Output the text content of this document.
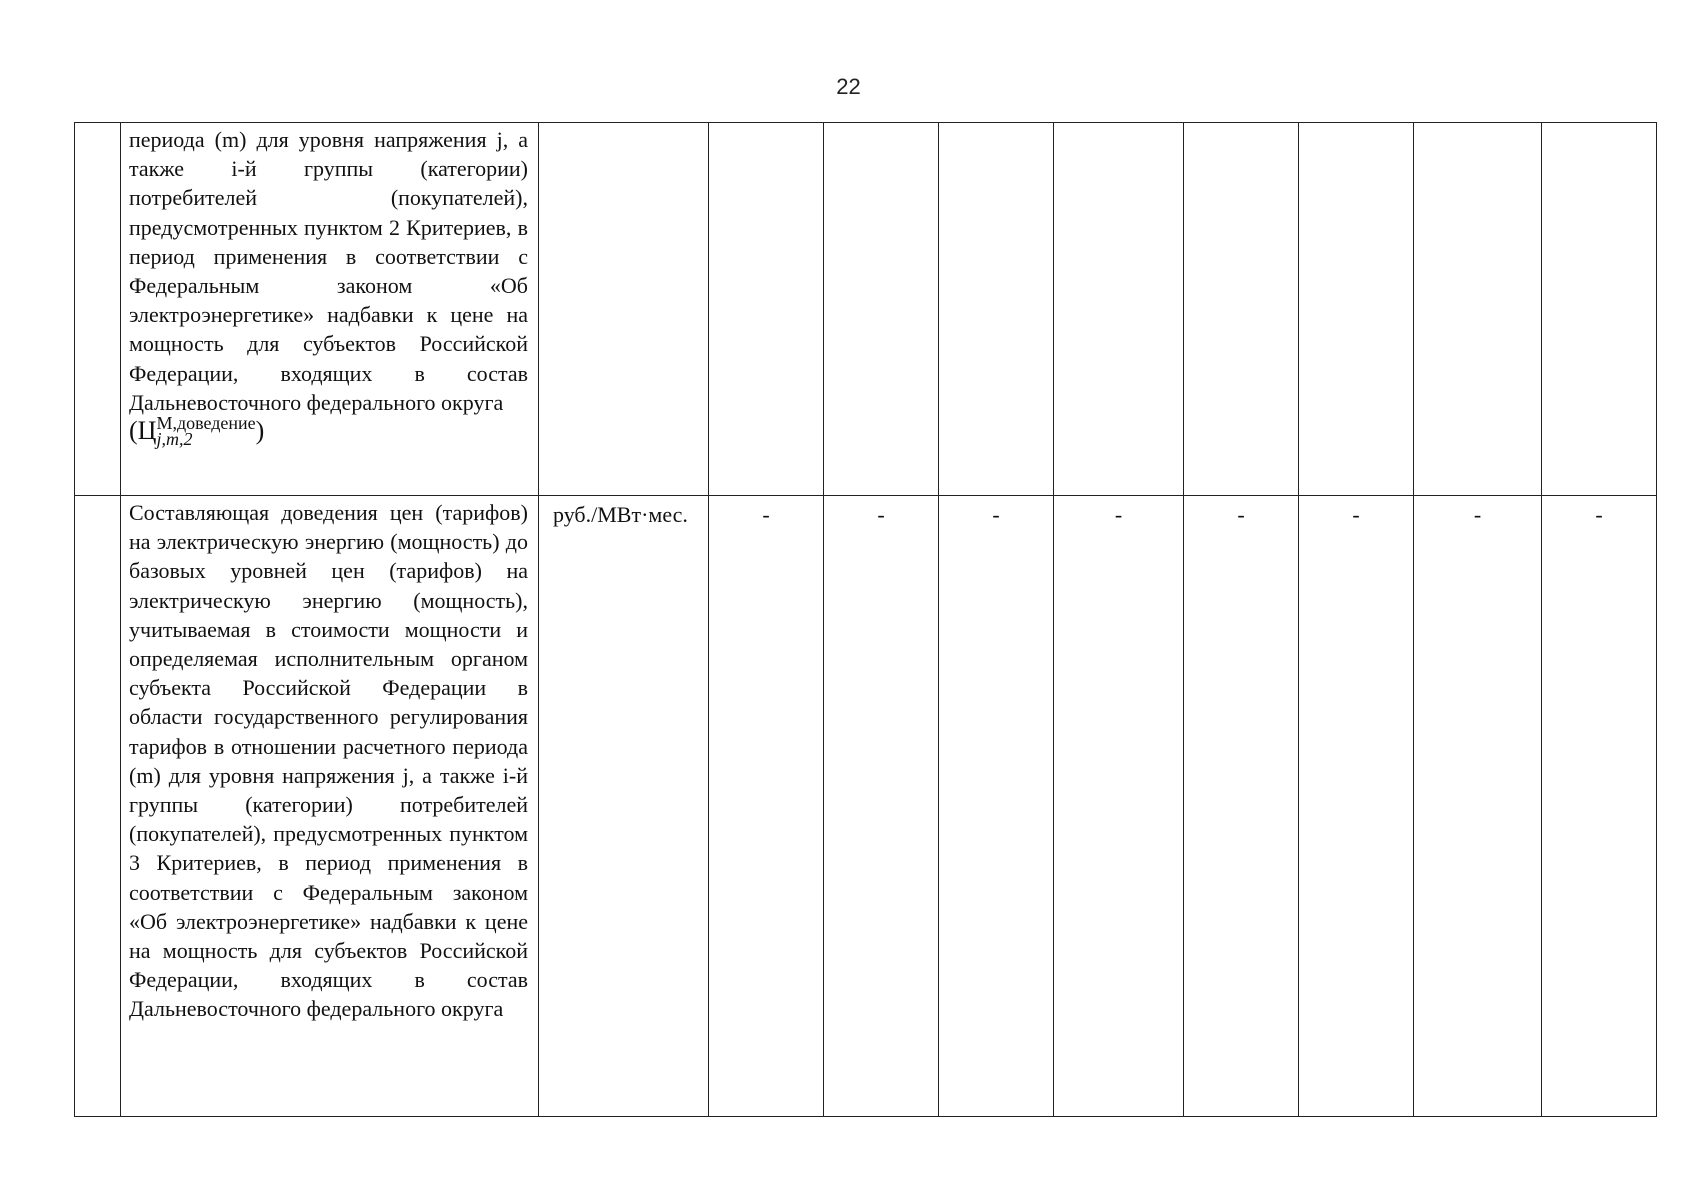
22

	периода (m) для уровня напряжения j, а также i-й группы (категории) потребителей (покупателей), предусмотренных пунктом 2 Критериев, в период применения в соответствии с Федеральным законом «Об электроэнергетике» надбавки к цене на мощность для субъектов Российской Федерации, входящих в состав Дальневосточного федерального округа
(Ц М,доведение
j,m,2 )									

	Составляющая доведения цен (тарифов) на электрическую энергию (мощность) до базовых уровней цен (тарифов) на электрическую энергию (мощность), учитываемая в стоимости мощности и определяемая исполнительным органом субъекта Российской Федерации в области государственного регулирования тарифов в отношении расчетного периода (m) для уровня напряжения j, а также i-й группы (категории) потребителей (покупателей), предусмотренных пунктом 3 Критериев, в период применения в соответствии с Федеральным законом «Об электроэнергетике» надбавки к цене на мощность для субъектов Российской Федерации, входящих в состав Дальневосточного федерального округа	руб./МВт·мес.	-	-	-	-	-	-	-	-
